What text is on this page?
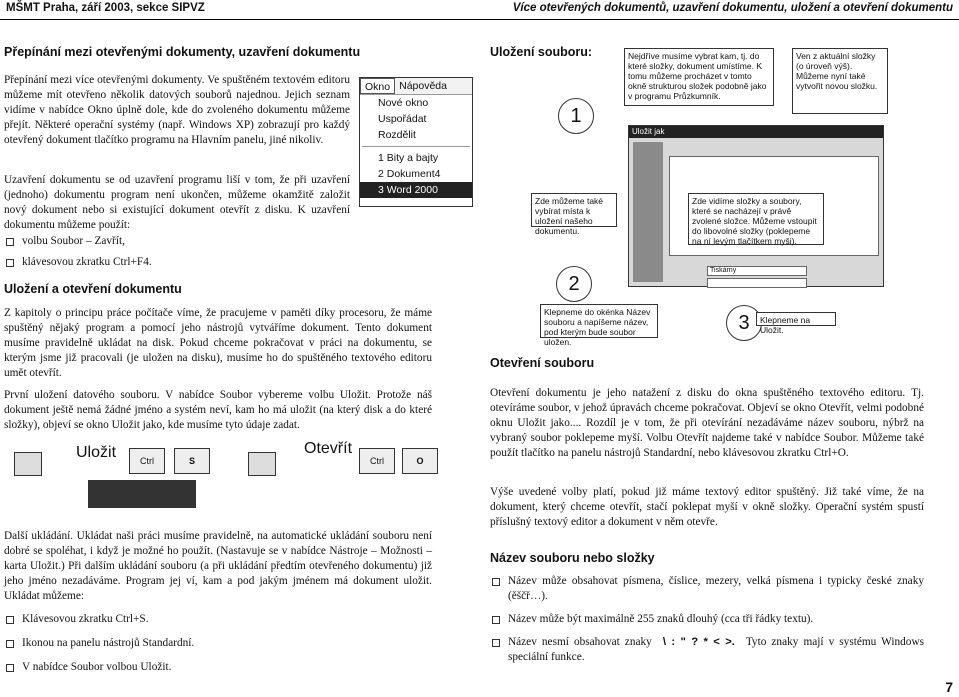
MŠMT Praha, září 2003, sekce SIPVZ	Více otevřených dokumentů, uzavření dokumentu, uložení a otevření dokumentu
Přepínání mezi otevřenými dokumenty, uzavření dokumentu
Přepínání mezi více otevřenými dokumenty. Ve spuštěném textovém editoru můžeme mít otevřeno několik datových souborů najednou. Jejich seznam vidíme v nabídce Okno úplně dole, kde do zvoleného dokumentu můžeme přejít. Některé operační systémy (např. Windows XP) zobrazují pro každý otevřený dokument tlačítko programu na Hlavním panelu, jiné nikoliv.
Okno Nápověda
Nové okno
Uspořádat
Rozdělit
1 Bity a bajty
2 Dokument4
3 Word 2000
Uzavření dokumentu se od uzavření programu liší v tom, že při uzavření (jednoho) dokumentu program není ukončen, můžeme okamžitě založit nový dokument nebo si existující dokument otevřít z disku. K uzavření dokumentu můžeme použít:
volbu Soubor – Zavřít,
klávesovou zkratku Ctrl+F4.
Uložení a otevření dokumentu
Z kapitoly o principu práce počítače víme, že pracujeme v paměti díky procesoru, že máme spuštěný nějaký program a pomocí jeho nástrojů vytváříme dokument. Tento dokument musíme pravidelně ukládat na disk. Pokud chceme pokračovat v práci na dokumentu, se kterým jsme již pracovali (je uložen na disku), musíme ho do spuštěného textového editoru umět otevřít.
První uložení datového souboru. V nabídce Soubor vybereme volbu Uložit. Protože náš dokument ještě nemá žádné jméno a systém neví, kam ho má uložit (na který disk a do které složky), objeví se okno Uložit jako, kde musíme tyto údaje zadat.
Uložit	Ctrl	S
Otevřít
Ctrl	O
Další ukládání. Ukládat naši práci musíme pravidelně, na automatické ukládání souboru není dobré se spoléhat, i když je možné ho použít. (Nastavuje se v nabídce Nástroje – Možnosti – karta Uložit.) Při dalším ukládání souboru (a při ukládání předtím otevřeného dokumentu) již jeho jméno nezadáváme. Program jej ví, kam a pod jakým jménem má dokument uložit. Ukládat můžeme:
Klávesovou zkratku Ctrl+S.
Ikonou na panelu nástrojů Standardní.
V nabídce Soubor volbou Uložit.
Uložení souboru:	Nejdříve musíme vybrat kam, tj. do které složky, dokument umístíme. K tomu můžeme procházet v tomto okně strukturou složek podobně jako v programu Průzkumník.
Ven z aktuální složky (o úroveň výš). Můžeme nyní také vytvořit novou složku.
1
Uložit jak
Tiskárny
Zde můžeme také vybírat místa k uložení našeho dokumentu.
Zde vidíme složky a soubory, které se nacházejí v právě zvolené složce. Můžeme vstoupit do libovolné složky (poklepeme na ní levým tlačítkem myši).
2
Klepneme do okénka Název souboru a napíšeme název, pod kterým bude soubor uložen.
3	Klepneme na Uložit.
Otevření souboru
Otevření dokumentu je jeho natažení z disku do okna spuštěného textového editoru. Tj. otevíráme soubor, v jehož úpravách chceme pokračovat. Objeví se okno Otevřít, velmi podobné oknu Uložit jako.... Rozdíl je v tom, že při otevírání nezadáváme název souboru, nýbrž na vybraný soubor poklepeme myší. Volbu Otevřít najdeme také v nabídce Soubor. Můžeme také použít tlačítko na panelu nástrojů Standardní, nebo klávesovou zkratku Ctrl+O.
Výše uvedené volby platí, pokud již máme textový editor spuštěný. Již také víme, že na dokument, který chceme otevřít, stačí poklepat myší v okně složky. Operační systém spustí příslušný textový editor a dokument v něm otevře.
Název souboru nebo složky
Název může obsahovat písmena, číslice, mezery, velká písmena i typicky české znaky (ěščř…).
Název může být maximálně 255 znaků dlouhý (cca tři řádky textu).
Název nesmí obsahovat znaky \ : " ? * < >. Tyto znaky mají v systému Windows speciální funkce.
7
